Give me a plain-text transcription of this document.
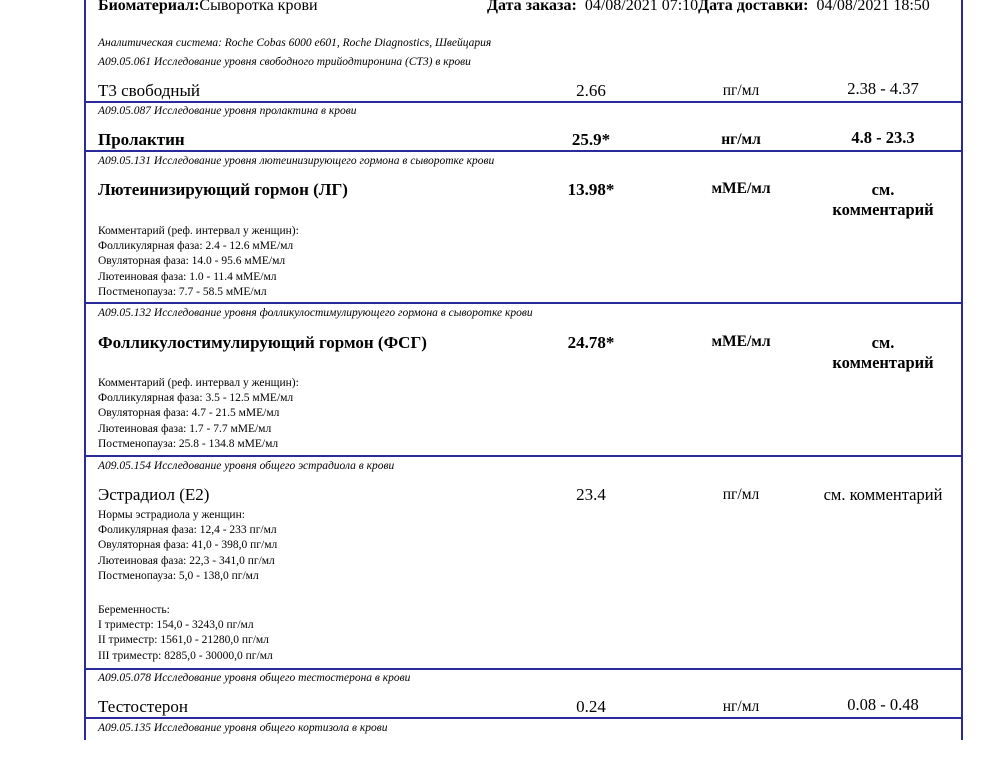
Биоматериал:Сыворотка крови	Дата заказа: 04/08/2021 07:10Дата доставки: 04/08/2021 18:50
Аналитическая система: Roche Cobas 6000 e601, Roche Diagnostics, Швейцария
A09.05.061 Исследование уровня свободного трийодтиронина (СТ3) в крови
Т3 свободный	2.66	пг/мл	2.38 - 4.37
A09.05.087 Исследование уровня пролактина в крови
Пролактин	25.9*	нг/мл	4.8 - 23.3
A09.05.131 Исследование уровня лютеинизирующего гормона в сыворотке крови
Лютеинизирующий гормон (ЛГ)	13.98*	мМЕ/мл	см.
комментарий
Комментарий (реф. интервал у женщин):
Фолликулярная фаза: 2.4 - 12.6 мМЕ/мл
Овуляторная фаза: 14.0 - 95.6 мМЕ/мл
Лютеиновая фаза: 1.0 - 11.4 мМЕ/мл
Постменопауза: 7.7 - 58.5 мМЕ/мл
A09.05.132 Исследование уровня фолликулостимулирующего гормона в сыворотке крови
Фолликулостимулирующий гормон (ФСГ)	24.78*	мМЕ/мл	см.
комментарий
Комментарий (реф. интервал у женщин):
Фолликулярная фаза: 3.5 - 12.5 мМЕ/мл
Овуляторная фаза: 4.7 - 21.5 мМЕ/мл
Лютеиновая фаза: 1.7 - 7.7 мМЕ/мл
Постменопауза: 25.8 - 134.8 мМЕ/мл
A09.05.154 Исследование уровня общего эстрадиола в крови
Эстрадиол (Е2)	23.4	пг/мл	см. комментарий
Нормы эстрадиола у женщин:
Фоликулярная фаза: 12,4 - 233 пг/мл
Овуляторная фаза: 41,0 - 398,0 пг/мл
Лютеиновая фаза: 22,3 - 341,0 пг/мл
Постменопауза: 5,0 - 138,0 пг/мл
Беременность:
I триместр: 154,0 - 3243,0 пг/мл
II триместр: 1561,0 - 21280,0 пг/мл
III триместр: 8285,0 - 30000,0 пг/мл
A09.05.078 Исследование уровня общего тестостерона в крови
Тестостерон	0.24	нг/мл	0.08 - 0.48
A09.05.135 Исследование уровня общего кортизола в крови
